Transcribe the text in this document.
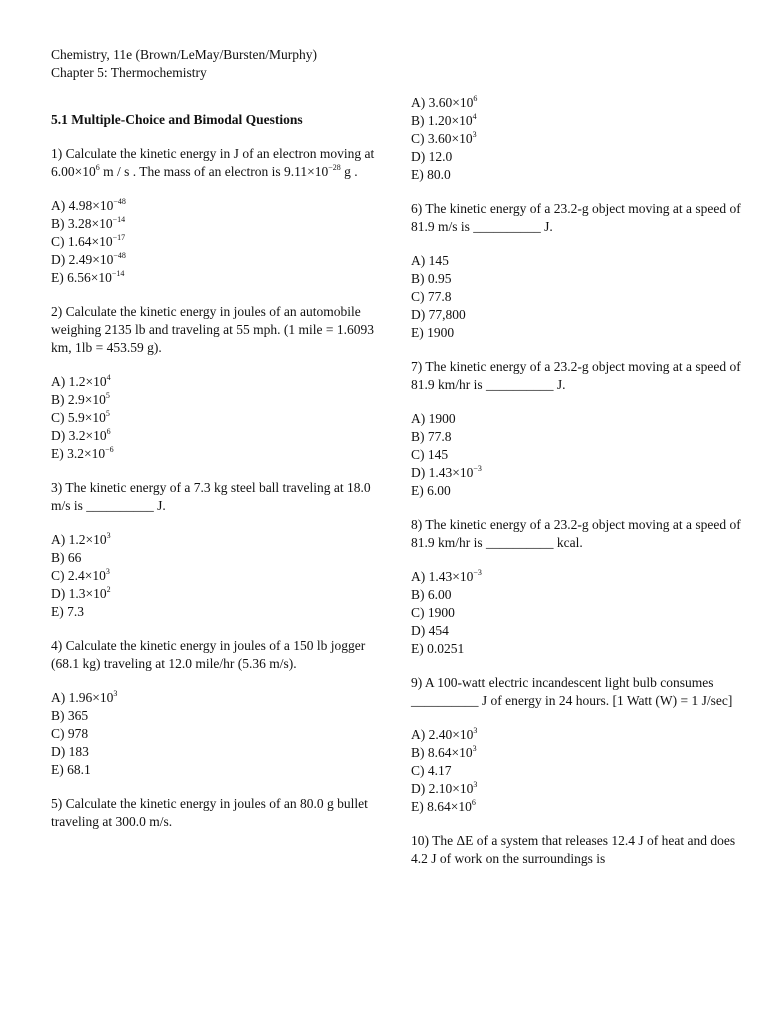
Chemistry, 11e (Brown/LeMay/Bursten/Murphy)
Chapter 5: Thermochemistry
5.1 Multiple-Choice and Bimodal Questions
1) Calculate the kinetic energy in J of an electron moving at $6.00\times 10^6$ m / s . The mass of an electron is $9.11\times 10^{-28}$ g .
A) $4.98\times 10^{-48}$
B) $3.28\times 10^{-14}$
C) $1.64\times 10^{-17}$
D) $2.49\times 10^{-48}$
E) $6.56\times 10^{-14}$
2) Calculate the kinetic energy in joules of an automobile weighing 2135 lb and traveling at 55 mph. (1 mile = 1.6093 km, 1lb = 453.59 g).
A) $1.2\times 10^4$
B) $2.9\times 10^5$
C) $5.9\times 10^5$
D) $3.2\times 10^6$
E) $3.2\times 10^{-6}$
3) The kinetic energy of a 7.3 kg steel ball traveling at 18.0 m/s is __________ J.
A) $1.2\times 10^3$
B) 66
C) $2.4\times 10^3$
D) $1.3\times 10^2$
E) 7.3
4) Calculate the kinetic energy in joules of a 150 lb jogger (68.1 kg) traveling at 12.0 mile/hr (5.36 m/s).
A) $1.96\times 10^3$
B) 365
C) 978
D) 183
E) 68.1
5) Calculate the kinetic energy in joules of an 80.0 g bullet traveling at 300.0 m/s.
A) $3.60\times 10^6$
B) $1.20\times 10^4$
C) $3.60\times 10^3$
D) 12.0
E) 80.0
6) The kinetic energy of a 23.2-g object moving at a speed of 81.9 m/s is __________ J.
A) 145
B) 0.95
C) 77.8
D) 77,800
E) 1900
7) The kinetic energy of a 23.2-g object moving at a speed of 81.9 km/hr is __________ J.
A) 1900
B) 77.8
C) 145
D) $1.43\times 10^{-3}$
E) 6.00
8) The kinetic energy of a 23.2-g object moving at a speed of 81.9 km/hr is __________ kcal.
A) $1.43\times 10^{-3}$
B) 6.00
C) 1900
D) 454
E) 0.0251
9) A 100-watt electric incandescent light bulb consumes __________ J of energy in 24 hours. [1 Watt (W) = 1 J/sec]
A) $2.40\times 10^3$
B) $8.64\times 10^3$
C) 4.17
D) $2.10\times 10^3$
E) $8.64\times 10^6$
10) The ΔE of a system that releases 12.4 J of heat and does 4.2 J of work on the surroundings is
